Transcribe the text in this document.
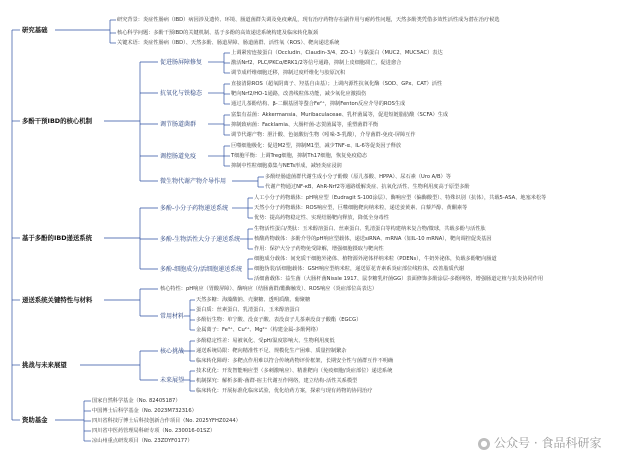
研究基础
多酚干预IBD的核心机制
基于多酚的IBD递送系统
递送系统关键特性与材料
挑战与未来展望
资助基金
研究背景：炎症性肠病（IBD）病因涉及遗传、环境、肠道菌群失调及免疫紊乱，现有治疗药物存在副作用与耐药性问题，天然多酚类凭借多效性活性成为潜在治疗候选
核心科学问题：多酚干预IBD的关键机制、基于多酚的高效递送系统构建及临床转化瓶颈
关键术语：炎症性肠病（IBD）、天然多酚、肠道屏障、肠道菌群、活性氧（ROS）、靶向递送系统
促进肠屏障修复
抗氧化与铁稳态
调节肠道菌群
调控肠道免疫
微生物代谢产物介导作用
上调紧密连接蛋白（Occludin、Claudin-3/4、ZO-1）与黏蛋白（MUC2、MUC5AC）表达
激活Nrf2、PLC/PKCα/ERK1/2等信号通路，抑制上皮细胞凋亡，促进愈合
调节成纤维细胞迁移，抑制过度纤维化与胶原沉积
直接清除ROS（超氧阴离子、羟基自由基）；上调内源性抗氧化酶（SOD、GPx、CAT）活性
靶向Nrf2/HO-1通路，改善线粒体功能，减少氧化应激损伤
通过儿茶酚结构、β-二酮基团等螯合Fe²⁺，抑制Fenton反应介导的ROS生成
富集有益菌：Akkermansia、Muribaculaceae、乳杆菌属等，促进短链脂肪酸（SCFA）生成
抑制致病菌：Facklamia、大肠杆菌-志贺菌属等，重塑菌群平衡
调节代谢产物：胆汁酸、色氨酸衍生物（吲哚-3-乳酸），介导菌群-免疫-屏障互作
巨噬细胞极化：促进M2型，抑制M1型，减少TNF-α、IL-6等促炎因子释放
T细胞平衡：上调Treg细胞，抑制Th17细胞，恢复免疫稳态
抑制中性粒细胞募集与NETs形成，减轻炎症浸润
多酚经肠道菌群代谢生成小分子酚酸（原儿茶酸、HPPA）、尿石素（Uro A/B）等
代谢产物通过NF-κB、AhR-Nrf2等通路缓解炎症、抗氧化活性、生物利用度高于原型多酚
多酚-小分子药物递送系统
多酚-生物活性大分子递送系统
多酚-细胞成分/活细胞递送系统
人工小分子药物载体：pH响应型（Eudragit S-100涂层）、酶响应型（偏酶酸型）、特殊识别（抗体），共载5-ASA、地塞米松等
天然小分子药物载体：ROS响应型，巨噬细胞靶向纳米粒，递送姜黄素、白藜芦醇、黄酮素等
优势：提高药物稳定性、实现结肠靶向释放，降低全身毒性
生物活性蛋白/类肽：玉米醇溶蛋白、丝素蛋白、乳清蛋白等构建纳米复合物/微球，共载多酚与活性肽
核酸药物载体：多酚介导的pH响应型载体，递送siRNA、mRNA（如IL-10 mRNA），靶向调控促炎基因
作用：保护大分子药物免受降解，增强细胞摄取与靶向性
细胞成分载体：间充质干细胞外泌体、植物源外泌体样纳米粒（PDENs），牛奶外泌体，负载多酚靶向肠道
细胞伪装/活细胞载体：GSH响应型纳米粒，递送原花青素系炎症部位线粒体，改善脂质代谢
活细菌载体：益生菌（大肠杆菌Nissle 1917、鼠李糖乳杆菌GG）表面修饰多酚涂层-多酚网络，增强肠道定植与抗炎协同作用
核心特性：pH响应（胃酸屏障）、酶响应（结肠菌群/酯酶触发）、ROS响应（炎症部位高表达）
常用材料
天然多糖：海藻酸钠、壳聚糖、透明质酸、葡聚糖
蛋白质：丝素蛋白、乳清蛋白、玉米醇溶蛋白
多酚衍生物：单宁酸、没食子酸、表没食子儿茶素没食子酸酯（EGCG）
金属离子：Fe³⁺、Cu²⁺、Mg²⁺（构建金属-多酚网络）
核心挑战
多酚稳定性差：易被氧化、受pH/温度影响大、生物利用度低
递送系统局限：靶向精准性不足、规模化生产困难、质量控制繁杂
临床转化障碍：多靶点作用难以符合传统药物评价框架，长期安全性与菌群互作不明确
未来展望
技术优化：开发智能响应型（多刺激响应）、精准靶向（免疫细胞/炎症部位）递送系统
机制探究：解析多酚-菌群-宿主代谢互作网络，建立结构-活性关系模型
临床转化：开展标准化临床试验，优化给药方案，探索与现有药物的协同治疗
国家自然科学基金（No. 82405187）
中国博士后科学基金（No. 2023M732316）
四川省科技厅博士后科技创新合作项目（No. 2025YFHZ0244）
四川省中医药管理局科研专项（No. 230016-01SZ）
凉山州重点研发项目（No. 23ZDYF0177）	● 公众号 · 食品科研家
